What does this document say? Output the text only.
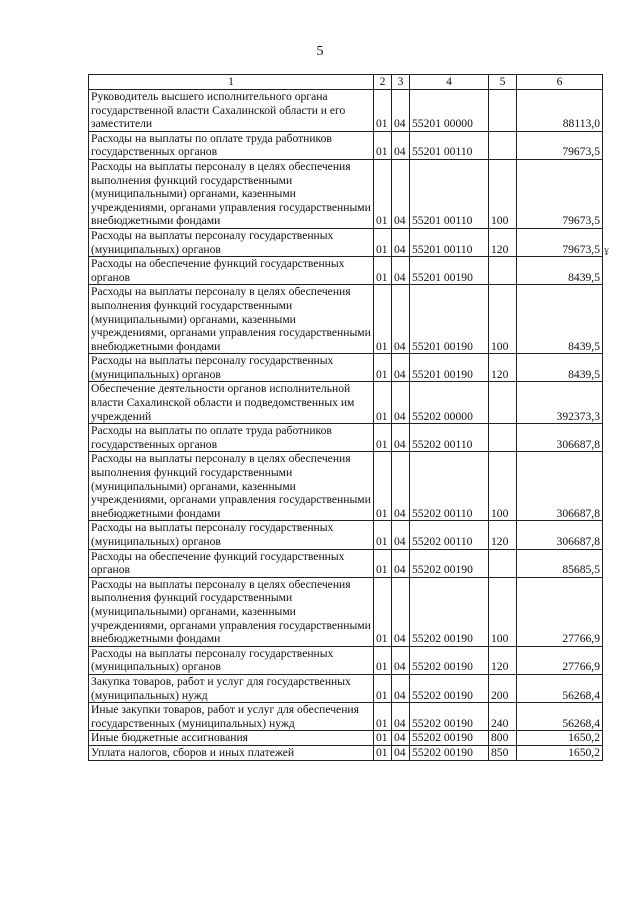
5
¥
1	2	3	4	5	6
Руководитель высшего исполнительного органа государственной власти Сахалинской области и его заместители	01	04	55201 00000		88113,0
Расходы на выплаты по оплате труда работников государственных органов	01	04	55201 00110		79673,5
Расходы на выплаты персоналу в целях обеспечения выполнения функций государственными (муниципальными) органами, казенными учреждениями, органами управления государственными внебюджетными фондами	01	04	55201 00110	100	79673,5
Расходы на выплаты персоналу государственных (муниципальных) органов	01	04	55201 00110	120	79673,5
Расходы на обеспечение функций государственных органов	01	04	55201 00190		8439,5
Расходы на выплаты персоналу в целях обеспечения выполнения функций государственными (муниципальными) органами, казенными учреждениями, органами управления государственными внебюджетными фондами	01	04	55201 00190	100	8439,5
Расходы на выплаты персоналу государственных (муниципальных) органов	01	04	55201 00190	120	8439,5
Обеспечение деятельности органов исполнительной власти Сахалинской области и подведомственных им учреждений	01	04	55202 00000		392373,3
Расходы на выплаты по оплате труда работников государственных органов	01	04	55202 00110		306687,8
Расходы на выплаты персоналу в целях обеспечения выполнения функций государственными (муниципальными) органами, казенными учреждениями, органами управления государственными внебюджетными фондами	01	04	55202 00110	100	306687,8
Расходы на выплаты персоналу государственных (муниципальных) органов	01	04	55202 00110	120	306687,8
Расходы на обеспечение функций государственных органов	01	04	55202 00190		85685,5
Расходы на выплаты персоналу в целях обеспечения выполнения функций государственными (муниципальными) органами, казенными учреждениями, органами управления государственными внебюджетными фондами	01	04	55202 00190	100	27766,9
Расходы на выплаты персоналу государственных (муниципальных) органов	01	04	55202 00190	120	27766,9
Закупка товаров, работ и услуг для государственных (муниципальных) нужд	01	04	55202 00190	200	56268,4
Иные закупки товаров, работ и услуг для обеспечения государственных (муниципальных) нужд	01	04	55202 00190	240	56268,4
Иные бюджетные ассигнования	01	04	55202 00190	800	1650,2
Уплата налогов, сборов и иных платежей	01	04	55202 00190	850	1650,2
